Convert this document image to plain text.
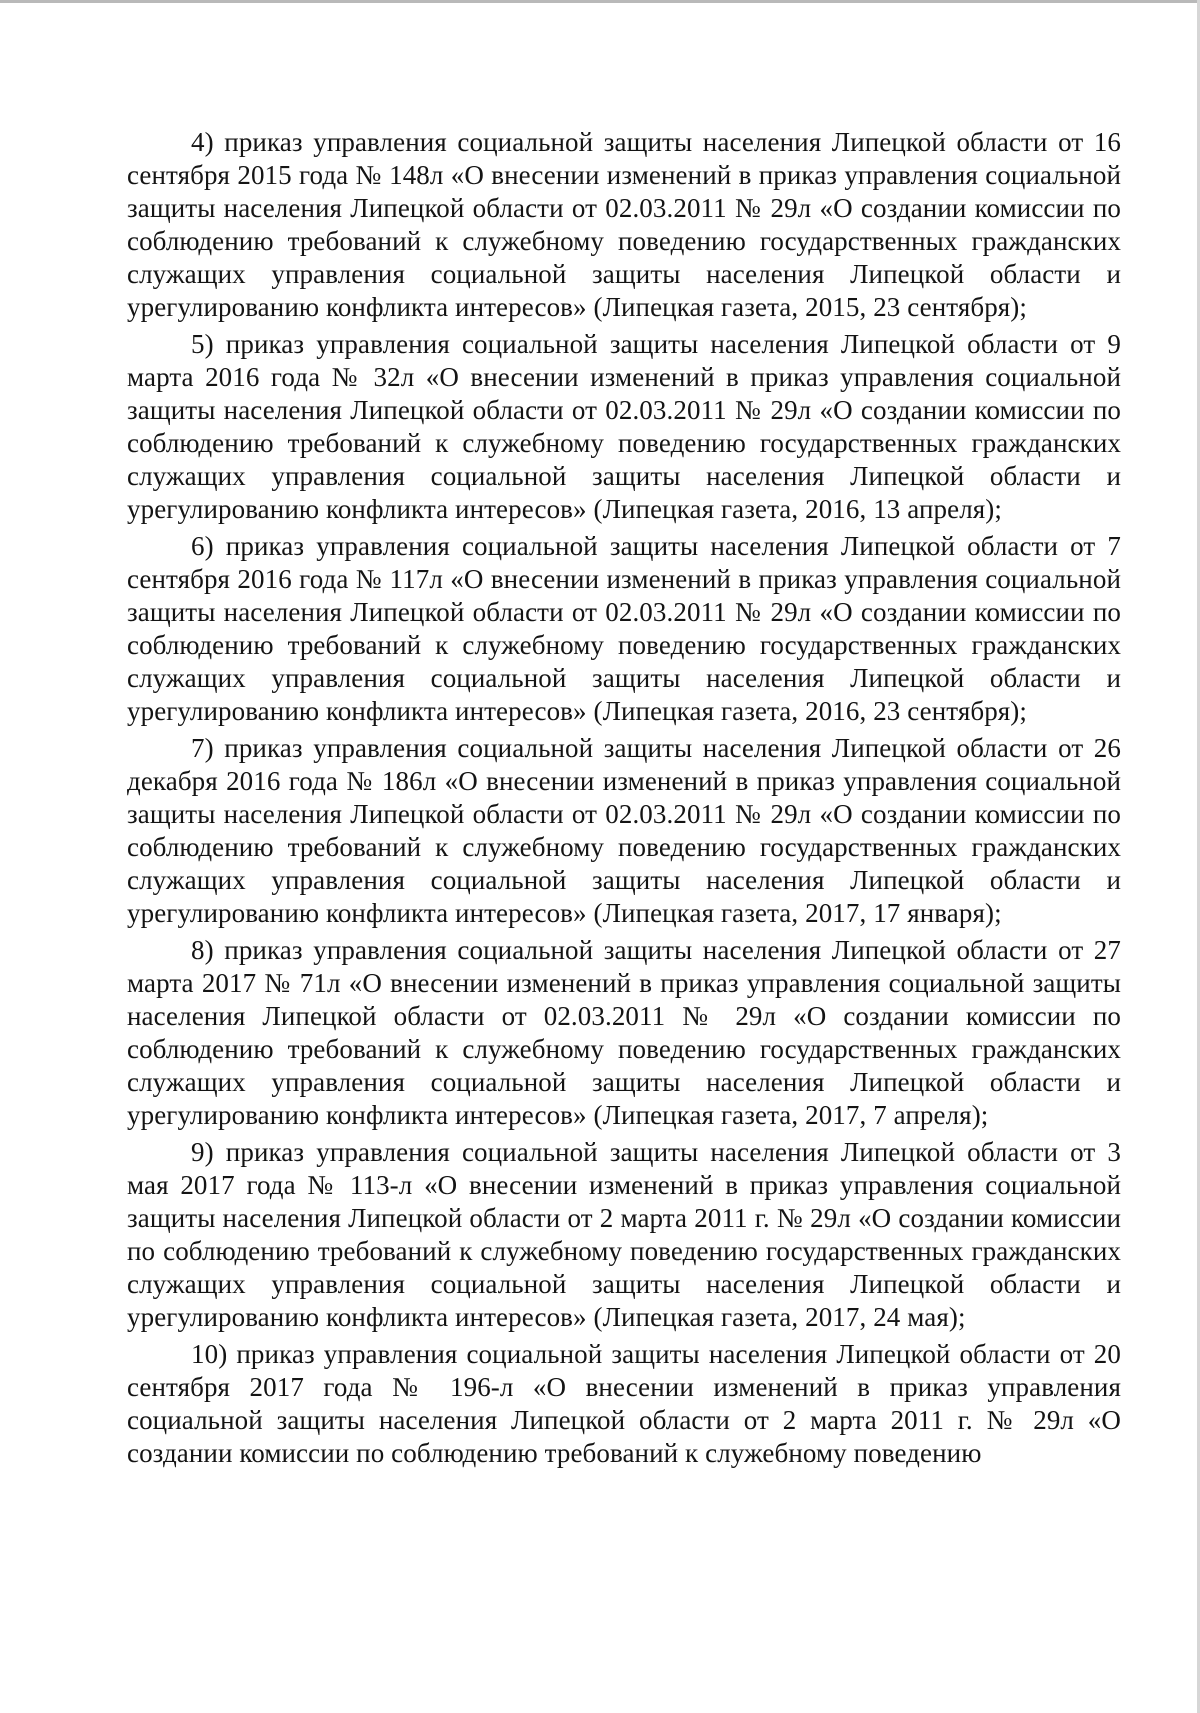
4) приказ управления социальной защиты населения Липецкой области от 16 сентября 2015 года № 148л «О внесении изменений в приказ управления социальной защиты населения Липецкой области от 02.03.2011 № 29л «О создании комиссии по соблюдению требований к служебному поведению государственных гражданских служащих управления социальной защиты населения Липецкой области и урегулированию конфликта интересов» (Липецкая газета, 2015, 23 сентября);

5) приказ управления социальной защиты населения Липецкой области от 9 марта 2016 года № 32л «О внесении изменений в приказ управления социальной защиты населения Липецкой области от 02.03.2011 № 29л «О создании комиссии по соблюдению требований к служебному поведению государственных гражданских служащих управления социальной защиты населения Липецкой области и урегулированию конфликта интересов» (Липецкая газета, 2016, 13 апреля);

6) приказ управления социальной защиты населения Липецкой области от 7 сентября 2016 года № 117л «О внесении изменений в приказ управления социальной защиты населения Липецкой области от 02.03.2011 № 29л «О создании комиссии по соблюдению требований к служебному поведению государственных гражданских служащих управления социальной защиты населения Липецкой области и урегулированию конфликта интересов» (Липецкая газета, 2016, 23 сентября);

7) приказ управления социальной защиты населения Липецкой области от 26 декабря 2016 года № 186л «О внесении изменений в приказ управления социальной защиты населения Липецкой области от 02.03.2011 № 29л «О создании комиссии по соблюдению требований к служебному поведению государственных гражданских служащих управления социальной защиты населения Липецкой области и урегулированию конфликта интересов» (Липецкая газета, 2017, 17 января);

8) приказ управления социальной защиты населения Липецкой области от 27 марта 2017 № 71л «О внесении изменений в приказ управления социальной защиты населения Липецкой области от 02.03.2011 № 29л «О создании комиссии по соблюдению требований к служебному поведению государственных гражданских служащих управления социальной защиты населения Липецкой области и урегулированию конфликта интересов» (Липецкая газета, 2017, 7 апреля);

9) приказ управления социальной защиты населения Липецкой области от 3 мая 2017 года № 113-л «О внесении изменений в приказ управления социальной защиты населения Липецкой области от 2 марта 2011 г. № 29л «О создании комиссии по соблюдению требований к служебному поведению государственных гражданских служащих управления социальной защиты населения Липецкой области и урегулированию конфликта интересов» (Липецкая газета, 2017, 24 мая);

10) приказ управления социальной защиты населения Липецкой области от 20 сентября 2017 года № 196-л «О внесении изменений в приказ управления социальной защиты населения Липецкой области от 2 марта 2011 г. № 29л «О создании комиссии по соблюдению требований к служебному поведению
